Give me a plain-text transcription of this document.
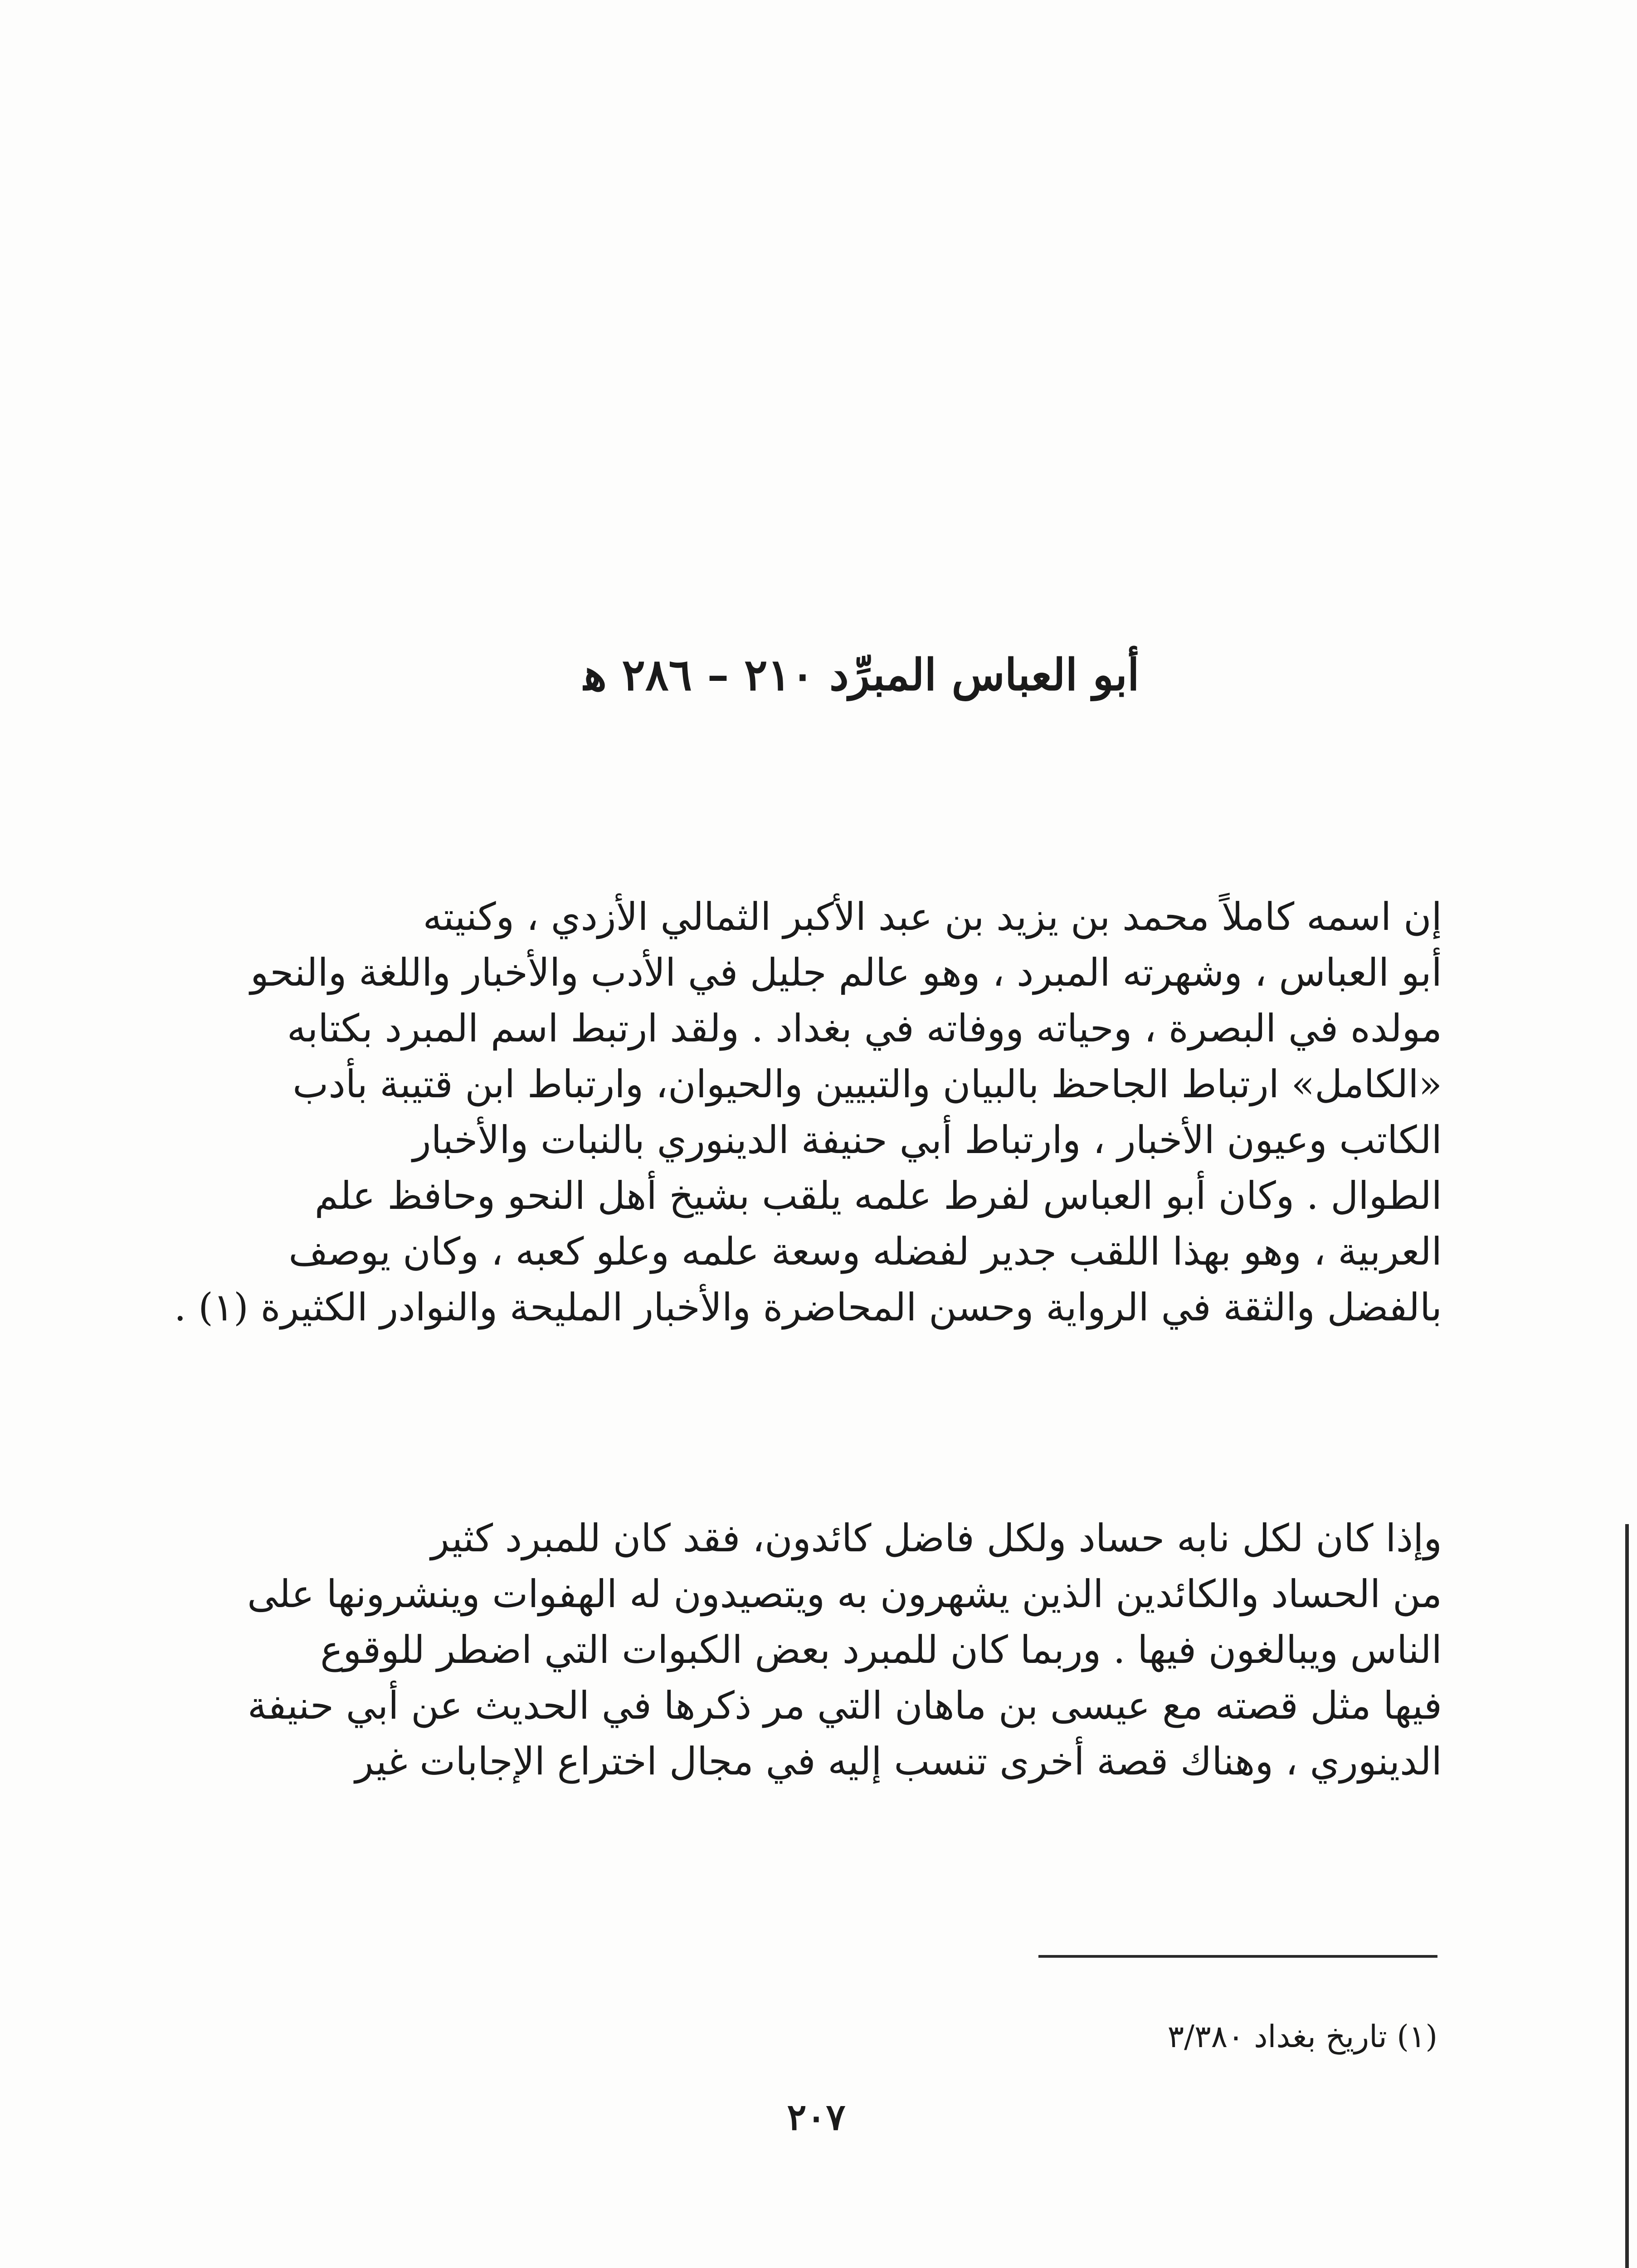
أبو العباس المبرِّد ٢١٠ – ٢٨٦ ﻫ
إن اسمه كاملاً محمد بن يزيد بن عبد الأكبر الثمالي الأزدي ، وكنيته
أبو العباس ، وشهرته المبرد ، وهو عالم جليل في الأدب والأخبار واللغة والنحو
مولده في البصرة ، وحياته ووفاته في بغداد . ولقد ارتبط اسم المبرد بكتابه
«الكامل» ارتباط الجاحظ بالبيان والتبيين والحيوان، وارتباط ابن قتيبة بأدب
الكاتب وعيون الأخبار ، وارتباط أبي حنيفة الدينوري بالنبات والأخبار
الطوال . وكان أبو العباس لفرط علمه يلقب بشيخ أهل النحو وحافظ علم
العربية ، وهو بهذا اللقب جدير لفضله وسعة علمه وعلو كعبه ، وكان يوصف
بالفضل والثقة في الرواية وحسن المحاضرة والأخبار المليحة والنوادر الكثيرة (١) .
وإذا كان لكل نابه حساد ولكل فاضل كائدون، فقد كان للمبرد كثير
من الحساد والكائدين الذين يشهرون به ويتصيدون له الهفوات وينشرونها على
الناس ويبالغون فيها . وربما كان للمبرد بعض الكبوات التي اضطر للوقوع
فيها مثل قصته مع عيسى بن ماهان التي مر ذكرها في الحديث عن أبي حنيفة
الدينوري ، وهناك قصة أخرى تنسب إليه في مجال اختراع الإجابات غير
(١) تاريخ بغداد ٣/٣٨٠
٢٠٧
